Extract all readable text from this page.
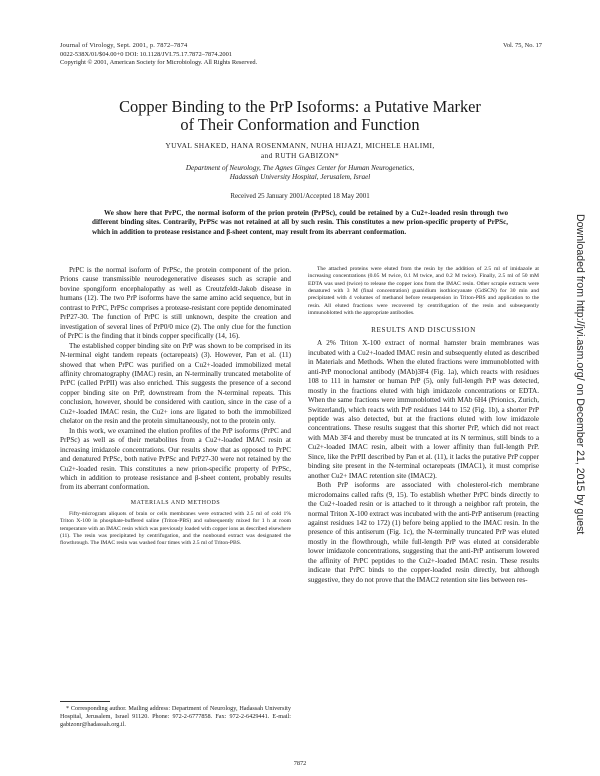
Journal of Virology, Sept. 2001, p. 7872–7874
0022-538X/01/$04.00+0 DOI: 10.1128/JVI.75.17.7872–7874.2001
Copyright © 2001, American Society for Microbiology. All Rights Reserved.
Vol. 75, No. 17
Copper Binding to the PrP Isoforms: a Putative Marker
of Their Conformation and Function
YUVAL SHAKED, HANA ROSENMANN, NUHA HIJAZI, MICHELE HALIMI,
and RUTH GABIZON*
Department of Neurology, The Agnes Ginges Center for Human Neurogenetics,
Hadassah University Hospital, Jerusalem, Israel
Received 25 January 2001/Accepted 18 May 2001
We show here that PrPC, the normal isoform of the prion protein (PrPSc), could be retained by a Cu2+-loaded resin through two different binding sites. Contrarily, PrPSc was not retained at all by such resin. This constitutes a new prion-specific property of PrPSc, which in addition to protease resistance and β-sheet content, may result from its aberrant conformation.

PrPC is the normal isoform of PrPSc, the protein component of the prion. Prions cause transmissible neurodegenerative diseases such as scrapie and bovine spongiform encephalopathy as well as Creutzfeldt-Jakob disease in humans (12). The two PrP isoforms have the same amino acid sequence, but in contrast to PrPC, PrPSc comprises a protease-resistant core peptide denominated PrP27-30. The function of PrPC is still unknown, despite the creation and investigation of several lines of PrP0/0 mice (2). The only clue for the function of PrPC is the finding that it binds copper specifically (14, 16).

The established copper binding site on PrP was shown to be comprised in its N-terminal eight tandem repeats (octarepeats) (3). However, Pan et al. (11) showed that when PrPC was purified on a Cu2+-loaded immobilized metal affinity chromatography (IMAC) resin, an N-terminally truncated metabolite of PrPC (called PrPII) was also enriched. This suggests the presence of a second copper binding site on PrP, downstream from the N-terminal repeats. This conclusion, however, should be considered with caution, since in the case of a Cu2+-loaded IMAC resin, the Cu2+ ions are ligated to both the immobilized chelator on the resin and the protein simultaneously, not to the protein only.

In this work, we examined the elution profiles of the PrP isoforms (PrPC and PrPSc) as well as of their metabolites from a Cu2+-loaded IMAC resin at increasing imidazole concentrations. Our results show that as opposed to PrPC and denatured PrPSc, both native PrPSc and PrP27-30 were not retained by the Cu2+-loaded resin. This constitutes a new prion-specific property of PrPSc, which in addition to protease resistance and β-sheet content, probably results from its aberrant conformation.

MATERIALS AND METHODS

Fifty-microgram aliquots of brain or cells membranes were extracted with 2.5 ml of cold 1% Triton X-100 in phosphate-buffered saline (Triton-PBS) and subsequently mixed for 1 h at room temperature with an IMAC resin which was previously loaded with copper ions as described elsewhere (11). The resin was precipitated by centrifugation, and the nonbound extract was designated the flowthrough. The IMAC resin was washed four times with 2.5 ml of Triton-PBS.

* Corresponding author. Mailing address: Department of Neurology, Hadassah University Hospital, Jerusalem, Israel 91120. Phone: 972-2-6777858. Fax: 972-2-6429441. E-mail: gabizonr@hadassah.org.il.

The attached proteins were eluted from the resin by the addition of 2.5 ml of imidazole at increasing concentrations (0.05 M twice, 0.1 M twice, and 0.2 M twice). Finally, 2.5 ml of 50 mM EDTA was used (twice) to release the copper ions from the IMAC resin. Other scrapie extracts were denatured with 3 M (final concentration) guanidium isothiocyanate (GdSCN) for 30 min and precipitated with 4 volumes of methanol before resuspension in Triton-PBS and application to the resin. All eluted fractions were recovered by centrifugation of the resin and subsequently immunoblotted with the appropriate antibodies.

RESULTS AND DISCUSSION

A 2% Triton X-100 extract of normal hamster brain membranes was incubated with a Cu2+-loaded IMAC resin and subsequently eluted as described in Materials and Methods. When the eluted fractions were immunoblotted with anti-PrP monoclonal antibody (MAb)3F4 (Fig. 1a), which reacts with residues 108 to 111 in hamster or human PrP (5), only full-length PrP was detected, mostly in the fractions eluted with high imidazole concentrations or EDTA. When the same fractions were immunoblotted with MAb 6H4 (Prionics, Zurich, Switzerland), which reacts with PrP residues 144 to 152 (Fig. 1b), a shorter PrP peptide was also detected, but at the fractions eluted with low imidazole concentrations. These results suggest that this shorter PrP, which did not react with MAb 3F4 and thereby must be truncated at its N terminus, still binds to a Cu2+-loaded IMAC resin, albeit with a lower affinity than full-length PrP. Since, like the PrPII described by Pan et al. (11), it lacks the putative PrP copper binding site present in the N-terminal octarepeats (IMAC1), it must comprise another Cu2+ IMAC retention site (IMAC2).

Both PrP isoforms are associated with cholesterol-rich membrane microdomains called rafts (9, 15). To establish whether PrPC binds directly to the Cu2+-loaded resin or is attached to it through a neighbor raft protein, the normal Triton X-100 extract was incubated with the anti-PrP antiserum (reacting against residues 142 to 172) (1) before being applied to the IMAC resin. In the presence of this antiserum (Fig. 1c), the N-terminally truncated PrP was eluted mostly in the flowthrough, while full-length PrP was eluted at considerable lower imidazole concentrations, suggesting that the anti-PrP antiserum lowered the affinity of PrPC peptides to the Cu2+-loaded IMAC resin. These results indicate that PrPC binds to the copper-loaded resin directly, but although suggestive, they do not prove that the IMAC2 retention site lies between res-

7872
Downloaded from http://jvi.asm.org/ on December 21, 2015 by guest
